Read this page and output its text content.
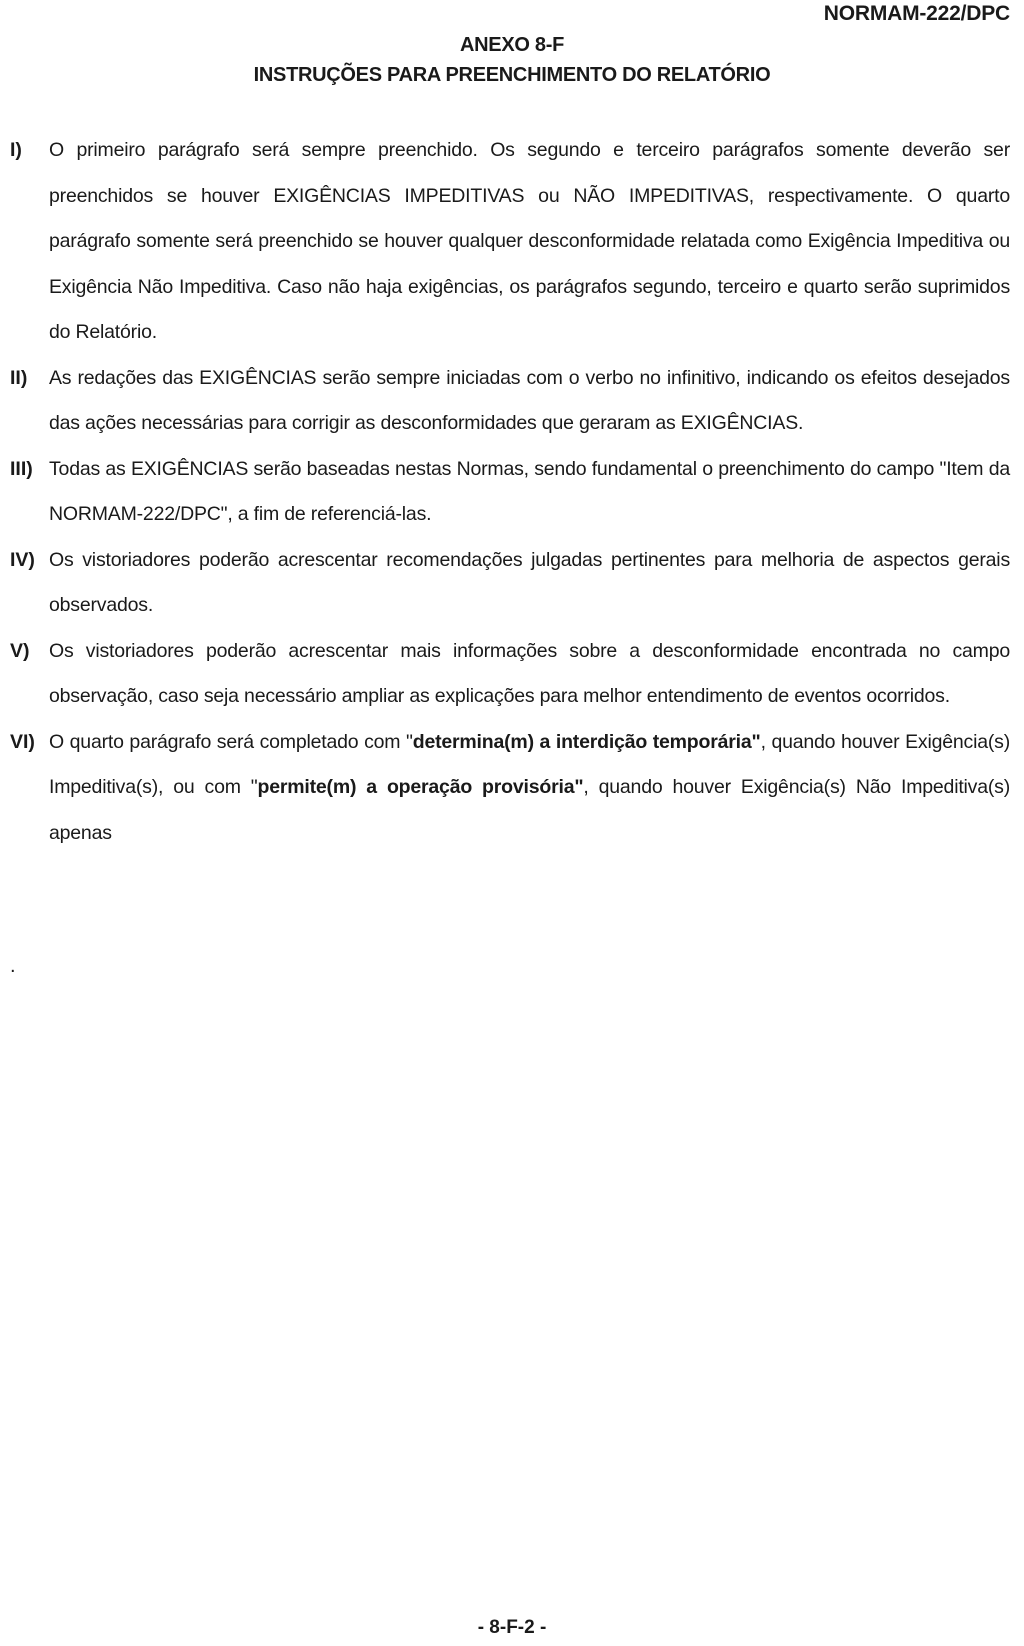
NORMAM-222/DPC
ANEXO 8-F
INSTRUÇÕES PARA PREENCHIMENTO DO RELATÓRIO
I)	O primeiro parágrafo será sempre preenchido. Os segundo e terceiro parágrafos somente deverão ser preenchidos se houver EXIGÊNCIAS IMPEDITIVAS ou NÃO IMPEDITIVAS, respectivamente. O quarto parágrafo somente será preenchido se houver qualquer desconformidade relatada como Exigência Impeditiva ou Exigência Não Impeditiva. Caso não haja exigências, os parágrafos segundo, terceiro e quarto serão suprimidos do Relatório.
II)	As redações das EXIGÊNCIAS serão sempre iniciadas com o verbo no infinitivo, indicando os efeitos desejados das ações necessárias para corrigir as desconformidades que geraram as EXIGÊNCIAS.
III) Todas as EXIGÊNCIAS serão baseadas nestas Normas, sendo fundamental o preenchimento do campo "Item da NORMAM-222/DPC", a fim de referenciá-las.
IV) Os vistoriadores poderão acrescentar recomendações julgadas pertinentes para melhoria de aspectos gerais observados.
V)	Os vistoriadores poderão acrescentar mais informações sobre a desconformidade encontrada no campo observação, caso seja necessário ampliar as explicações para melhor entendimento de eventos ocorridos.
VI) O quarto parágrafo será completado com "determina(m) a interdição temporária", quando houver Exigência(s) Impeditiva(s), ou com "permite(m) a operação provisória", quando houver Exigência(s) Não Impeditiva(s) apenas
.
- 8-F-2 -
